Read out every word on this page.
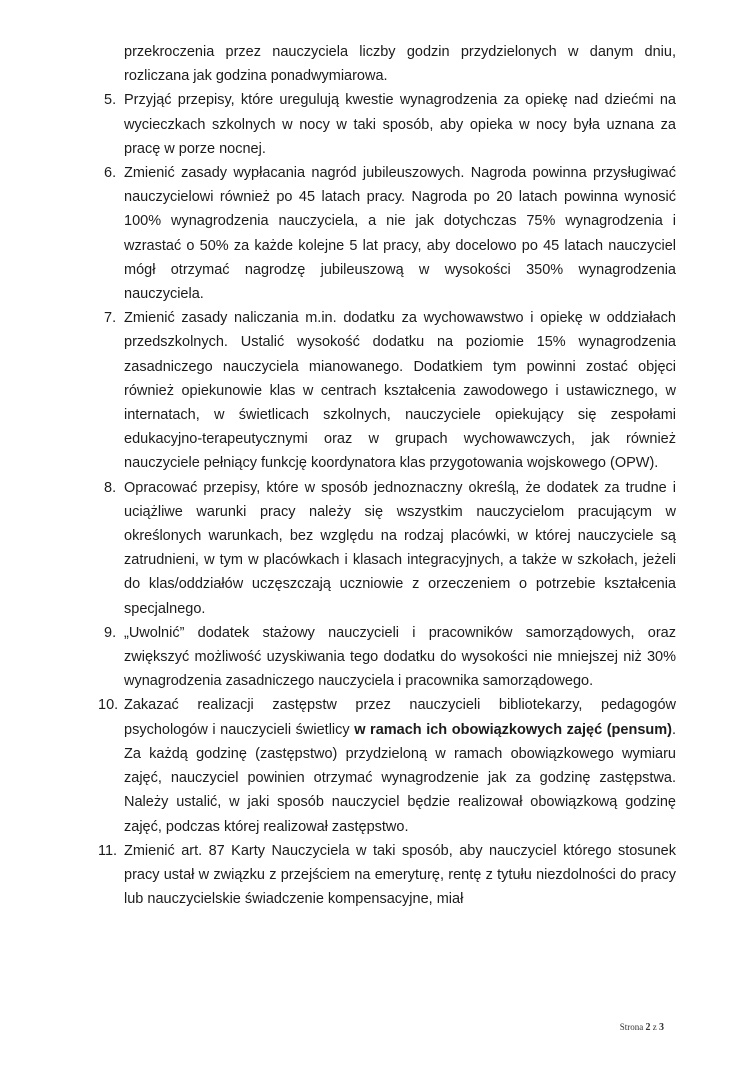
przekroczenia przez nauczyciela liczby godzin przydzielonych w danym dniu, rozliczana jak godzina ponadwymiarowa.
5. Przyjąć przepisy, które uregulują kwestie wynagrodzenia za opiekę nad dziećmi na wycieczkach szkolnych w nocy w taki sposób, aby opieka w nocy była uznana za pracę w porze nocnej.
6. Zmienić zasady wypłacania nagród jubileuszowych. Nagroda powinna przysługiwać nauczycielowi również po 45 latach pracy. Nagroda po 20 latach powinna wynosić 100% wynagrodzenia nauczyciela, a nie jak dotychczas 75% wynagrodzenia i wzrastać o 50% za każde kolejne 5 lat pracy, aby docelowo po 45 latach nauczyciel mógł otrzymać nagrodzę jubileuszową w wysokości 350% wynagrodzenia nauczyciela.
7. Zmienić zasady naliczania m.in. dodatku za wychowawstwo i opiekę w oddziałach przedszkolnych. Ustalić wysokość dodatku na poziomie 15% wynagrodzenia zasadniczego nauczyciela mianowanego. Dodatkiem tym powinni zostać objęci również opiekunowie klas w centrach kształcenia zawodowego i ustawicznego, w internatach, w świetlicach szkolnych, nauczyciele opiekujący się zespołami edukacyjno-terapeutycznymi oraz w grupach wychowawczych, jak również nauczyciele pełniący funkcję koordynatora klas przygotowania wojskowego (OPW).
8. Opracować przepisy, które w sposób jednoznaczny określą, że dodatek za trudne i uciążliwe warunki pracy należy się wszystkim nauczycielom pracującym w określonych warunkach, bez względu na rodzaj placówki, w której nauczyciele są zatrudnieni, w tym w placówkach i klasach integracyjnych, a także w szkołach, jeżeli do klas/oddziałów uczęszczają uczniowie z orzeczeniem o potrzebie kształcenia specjalnego.
9. „Uwolnić” dodatek stażowy nauczycieli i pracowników samorządowych, oraz zwiększyć możliwość uzyskiwania tego dodatku do wysokości nie mniejszej niż 30% wynagrodzenia zasadniczego nauczyciela i pracownika samorządowego.
10. Zakazać realizacji zastępstw przez nauczycieli bibliotekarzy, pedagogów psychologów i nauczycieli świetlicy w ramach ich obowiązkowych zajęć (pensum). Za każdą godzinę (zastępstwo) przydzieloną w ramach obowiązkowego wymiaru zajęć, nauczyciel powinien otrzymać wynagrodzenie jak za godzinę zastępstwa. Należy ustalić, w jaki sposób nauczyciel będzie realizował obowiązkową godzinę zajęć, podczas której realizował zastępstwo.
11. Zmienić art. 87 Karty Nauczyciela w taki sposób, aby nauczyciel którego stosunek pracy ustał w związku z przejściem na emeryturę, rentę z tytułu niezdolności do pracy lub nauczycielskie świadczenie kompensacyjne, miał
Strona 2 z 3
